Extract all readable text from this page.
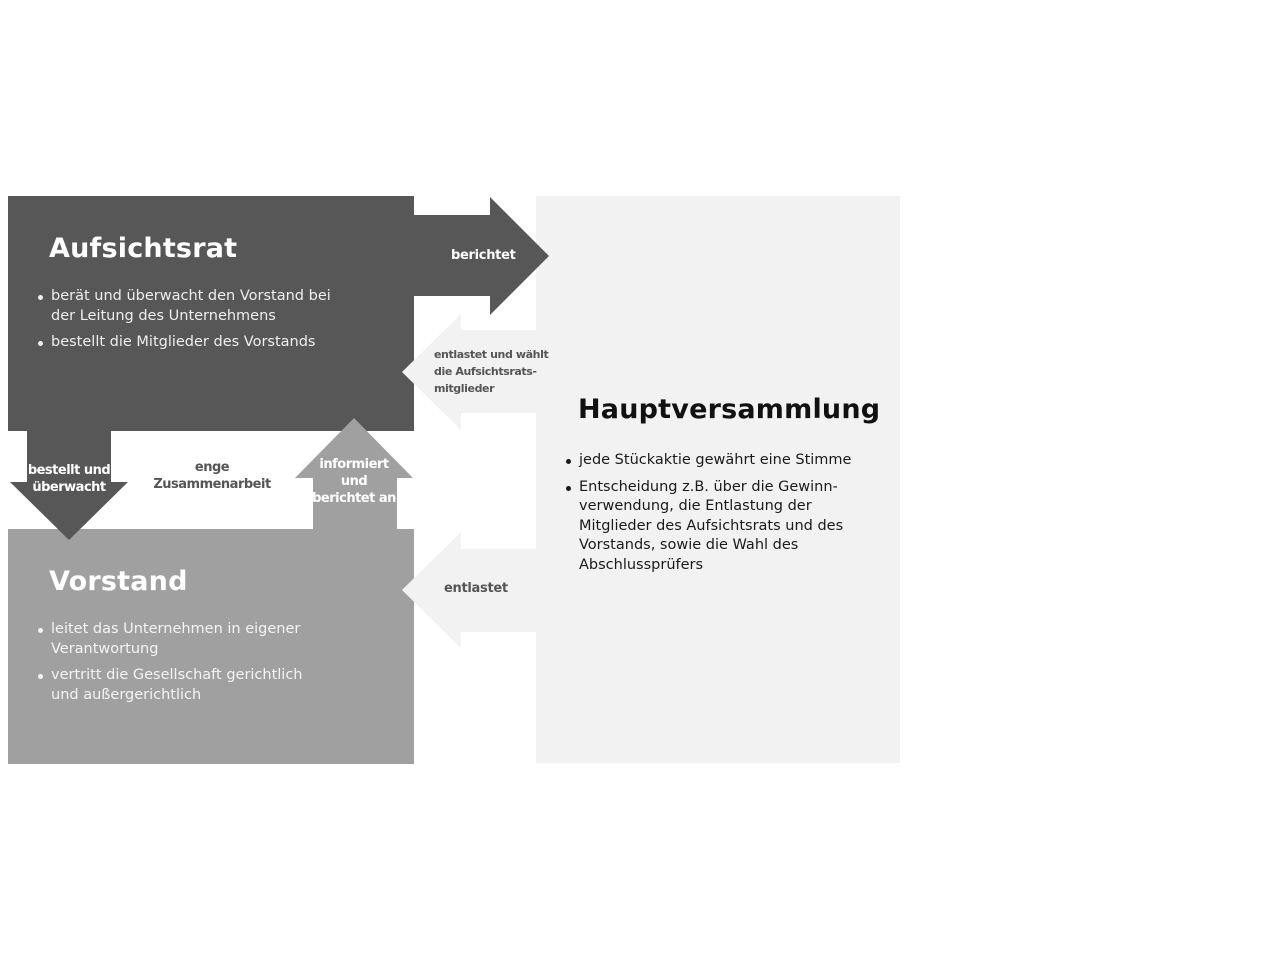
Aufsichtsrat
berät und überwacht den Vorstand bei der Leitung des Unternehmens
bestellt die Mitglieder des Vorstands
Vorstand
leitet das Unternehmen in eigener Verantwortung
vertritt die Gesellschaft gerichtlich und außergerichtlich
Hauptversammlung
jede Stückaktie gewährt eine Stimme
Entscheidung z.B. über die Gewinn-verwendung, die Entlastung der Mitglieder des Aufsichtsrats und des Vorstands, sowie die Wahl des Abschlussprüfers
berichtet
entlastet und wählt
die Aufsichtsrats-
mitglieder
entlastet
bestellt und
überwacht
enge
Zusammenarbeit
informiert
und
berichtet an
